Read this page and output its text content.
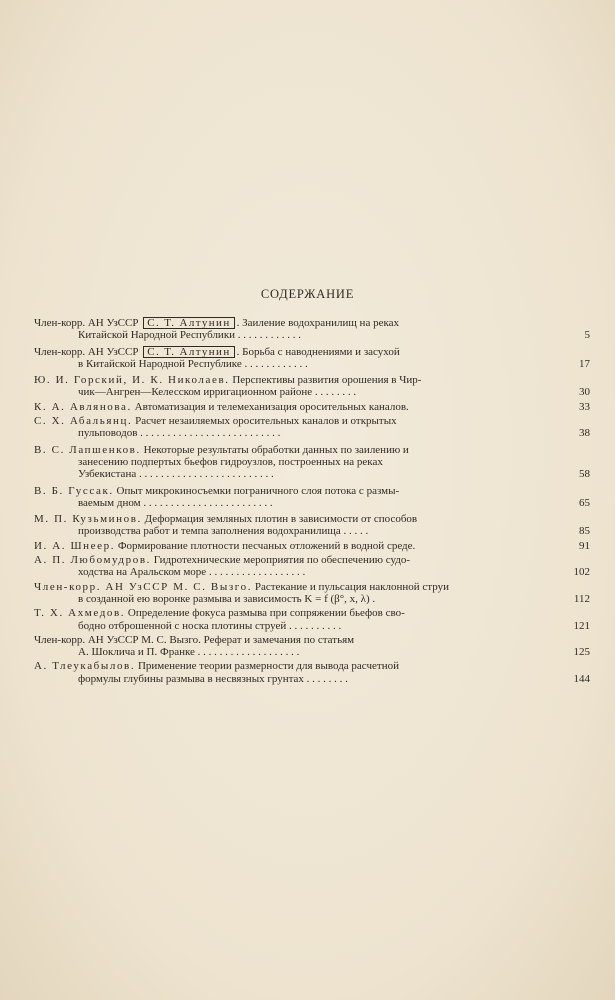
СОДЕРЖАНИЕ
Член-корр. АН УзССР С. Т. Алтунин . Заиление водохранилищ на реках
Китайской Народной Республики . . . . . . . . . . . .	5
Член-корр. АН УзССР С. Т. Алтунин . Борьба с наводнениями и засухой
в Китайской Народной Республике . . . . . . . . . . . .	17
Ю. И. Горский, И. К. Николаев. Перспективы развития орошения в Чир-
чик—Ангрен—Келесском ирригационном районе . . . . . . . .	30
К. А. Авлянова. Автоматизация и телемеханизация оросительных каналов.	33
С. Х. Абальянц. Расчет незаиляемых оросительных каналов и открытых
пульповодов . . . . . . . . . . . . . . . . . . . . . . . . . .	38
В. С. Лапшенков. Некоторые результаты обработки данных по заилению и
занесению подпертых бьефов гидроузлов, построенных на реках
Узбекистана . . . . . . . . . . . . . . . . . . . . . . . . .	58
В. Б. Гуссак. Опыт микрокиносъемки пограничного слоя потока с размы-
ваемым дном . . . . . . . . . . . . . . . . . . . . . . . .	65
М. П. Кузьминов. Деформация земляных плотин в зависимости от способов
производства работ и темпа заполнения водохранилища . . . . .	85
И. А. Шнеер. Формирование плотности песчаных отложений в водной среде.	91
А. П. Любомудров. Гидротехнические мероприятия по обеспечению судо-
ходства на Аральском море . . . . . . . . . . . . . . . . . .	102
Член-корр. АН УзССР М. С. Вызго. Растекание и пульсация наклонной струи
в созданной ею воронке размыва и зависимость K = f (β°, x, λ) .	112
Т. Х. Ахмедов. Определение фокуса размыва при сопряжении бьефов сво-
бодно отброшенной с носка плотины струей . . . . . . . . . .	121
Член-корр. АН УзССР М. С. Вызго. Реферат и замечания по статьям
А. Шоклича и П. Франке . . . . . . . . . . . . . . . . . . .	125
А. Тлеукабылов. Применение теории размерности для вывода расчетной
формулы глубины размыва в несвязных грунтах . . . . . . . .	144
